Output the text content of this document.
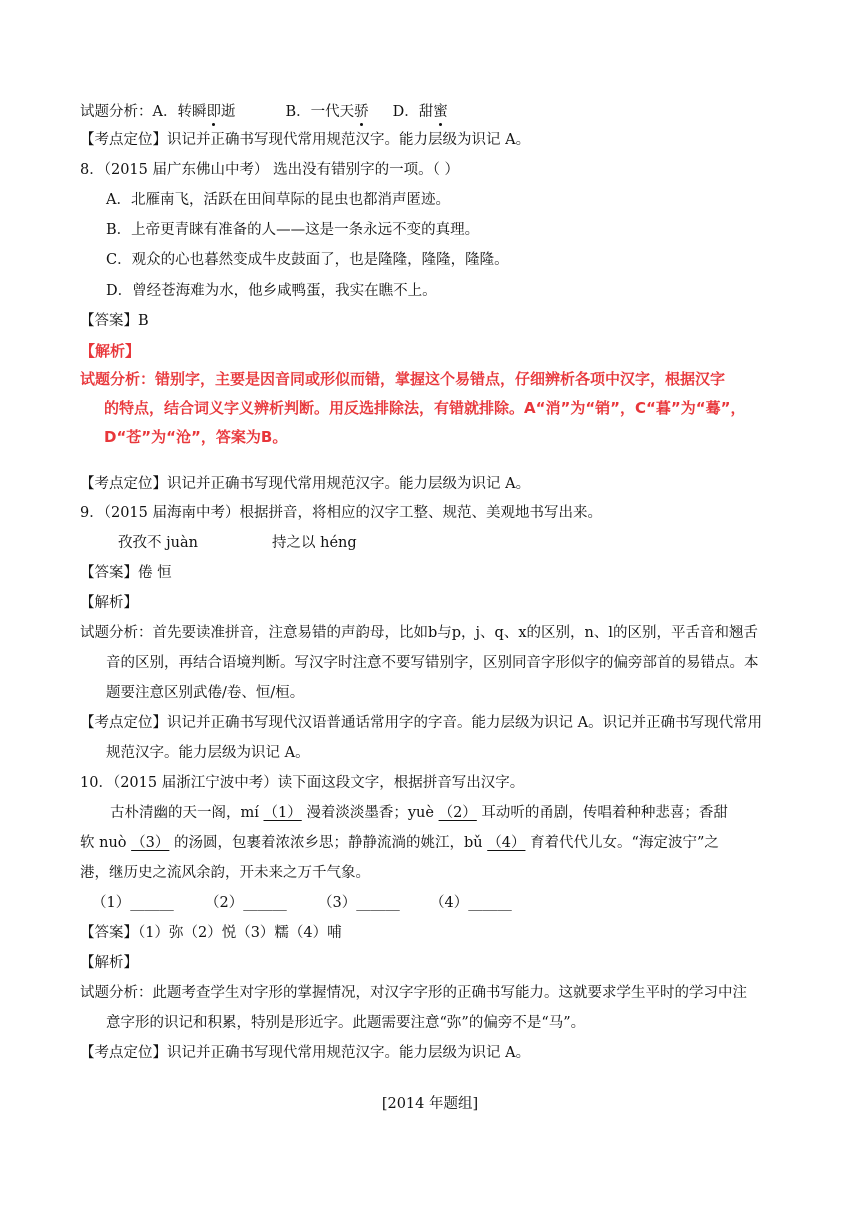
试题分析：A．转瞬即逝	B．一代天骄 D．甜蜜
【考点定位】识记并正确书写现代常用规范汉字。能力层级为识记 A。
8．（2015 届广东佛山中考） 选出没有错别字的一项。（ ）
A．北雁南飞，活跃在田间草际的昆虫也都消声匿迹。
B．上帝更青睐有准备的人——这是一条永远不变的真理。
C．观众的心也暮然变成牛皮鼓面了，也是隆隆，隆隆，隆隆。
D．曾经苍海难为水，他乡咸鸭蛋，我实在瞧不上。
【答案】B
【解析】
试题分析：错别字，主要是因音同或形似而错，掌握这个易错点，仔细辨析各项中汉字，根据汉字
的特点，结合词义字义辨析判断。用反选排除法，有错就排除。A“消”为“销”，C“暮”为“蓦”，
D“苍”为“沧”，答案为B。
【考点定位】识记并正确书写现代常用规范汉字。能力层级为识记 A。
9．（2015 届海南中考）根据拼音，将相应的汉字工整、规范、美观地书写出来。
孜孜不 juàn	持之以 héng
【答案】倦 恒
【解析】
试题分析：首先要读准拼音，注意易错的声韵母，比如b与p，j、q、x的区别，n、l的区别，平舌音和翘舌
音的区别，再结合语境判断。写汉字时注意不要写错别字，区别同音字形似字的偏旁部首的易错点。本
题要注意区别武倦/卷、恒/桓。
【考点定位】识记并正确书写现代汉语普通话常用字的字音。能力层级为识记 A。识记并正确书写现代常用
规范汉字。能力层级为识记 A。
10．（2015 届浙江宁波中考）读下面这段文字，根据拼音写出汉字。
古朴清幽的天一阁，mí （1） 漫着淡淡墨香；yuè （2） 耳动听的甬剧，传唱着种种悲喜；香甜
软 nuò （3） 的汤圆，包裹着浓浓乡思；静静流淌的姚江，bǔ （4） 育着代代儿女。“海定波宁”之
港，继历史之流风余韵，开未来之万千气象。
（1）______ （2）______ （3）______ （4）______
【答案】（1）弥（2）悦（3）糯（4）哺
【解析】
试题分析：此题考查学生对字形的掌握情况，对汉字字形的正确书写能力。这就要求学生平时的学习中注
意字形的识记和积累，特别是形近字。此题需要注意“弥”的偏旁不是“马”。
【考点定位】识记并正确书写现代常用规范汉字。能力层级为识记 A。
[2014 年题组]
